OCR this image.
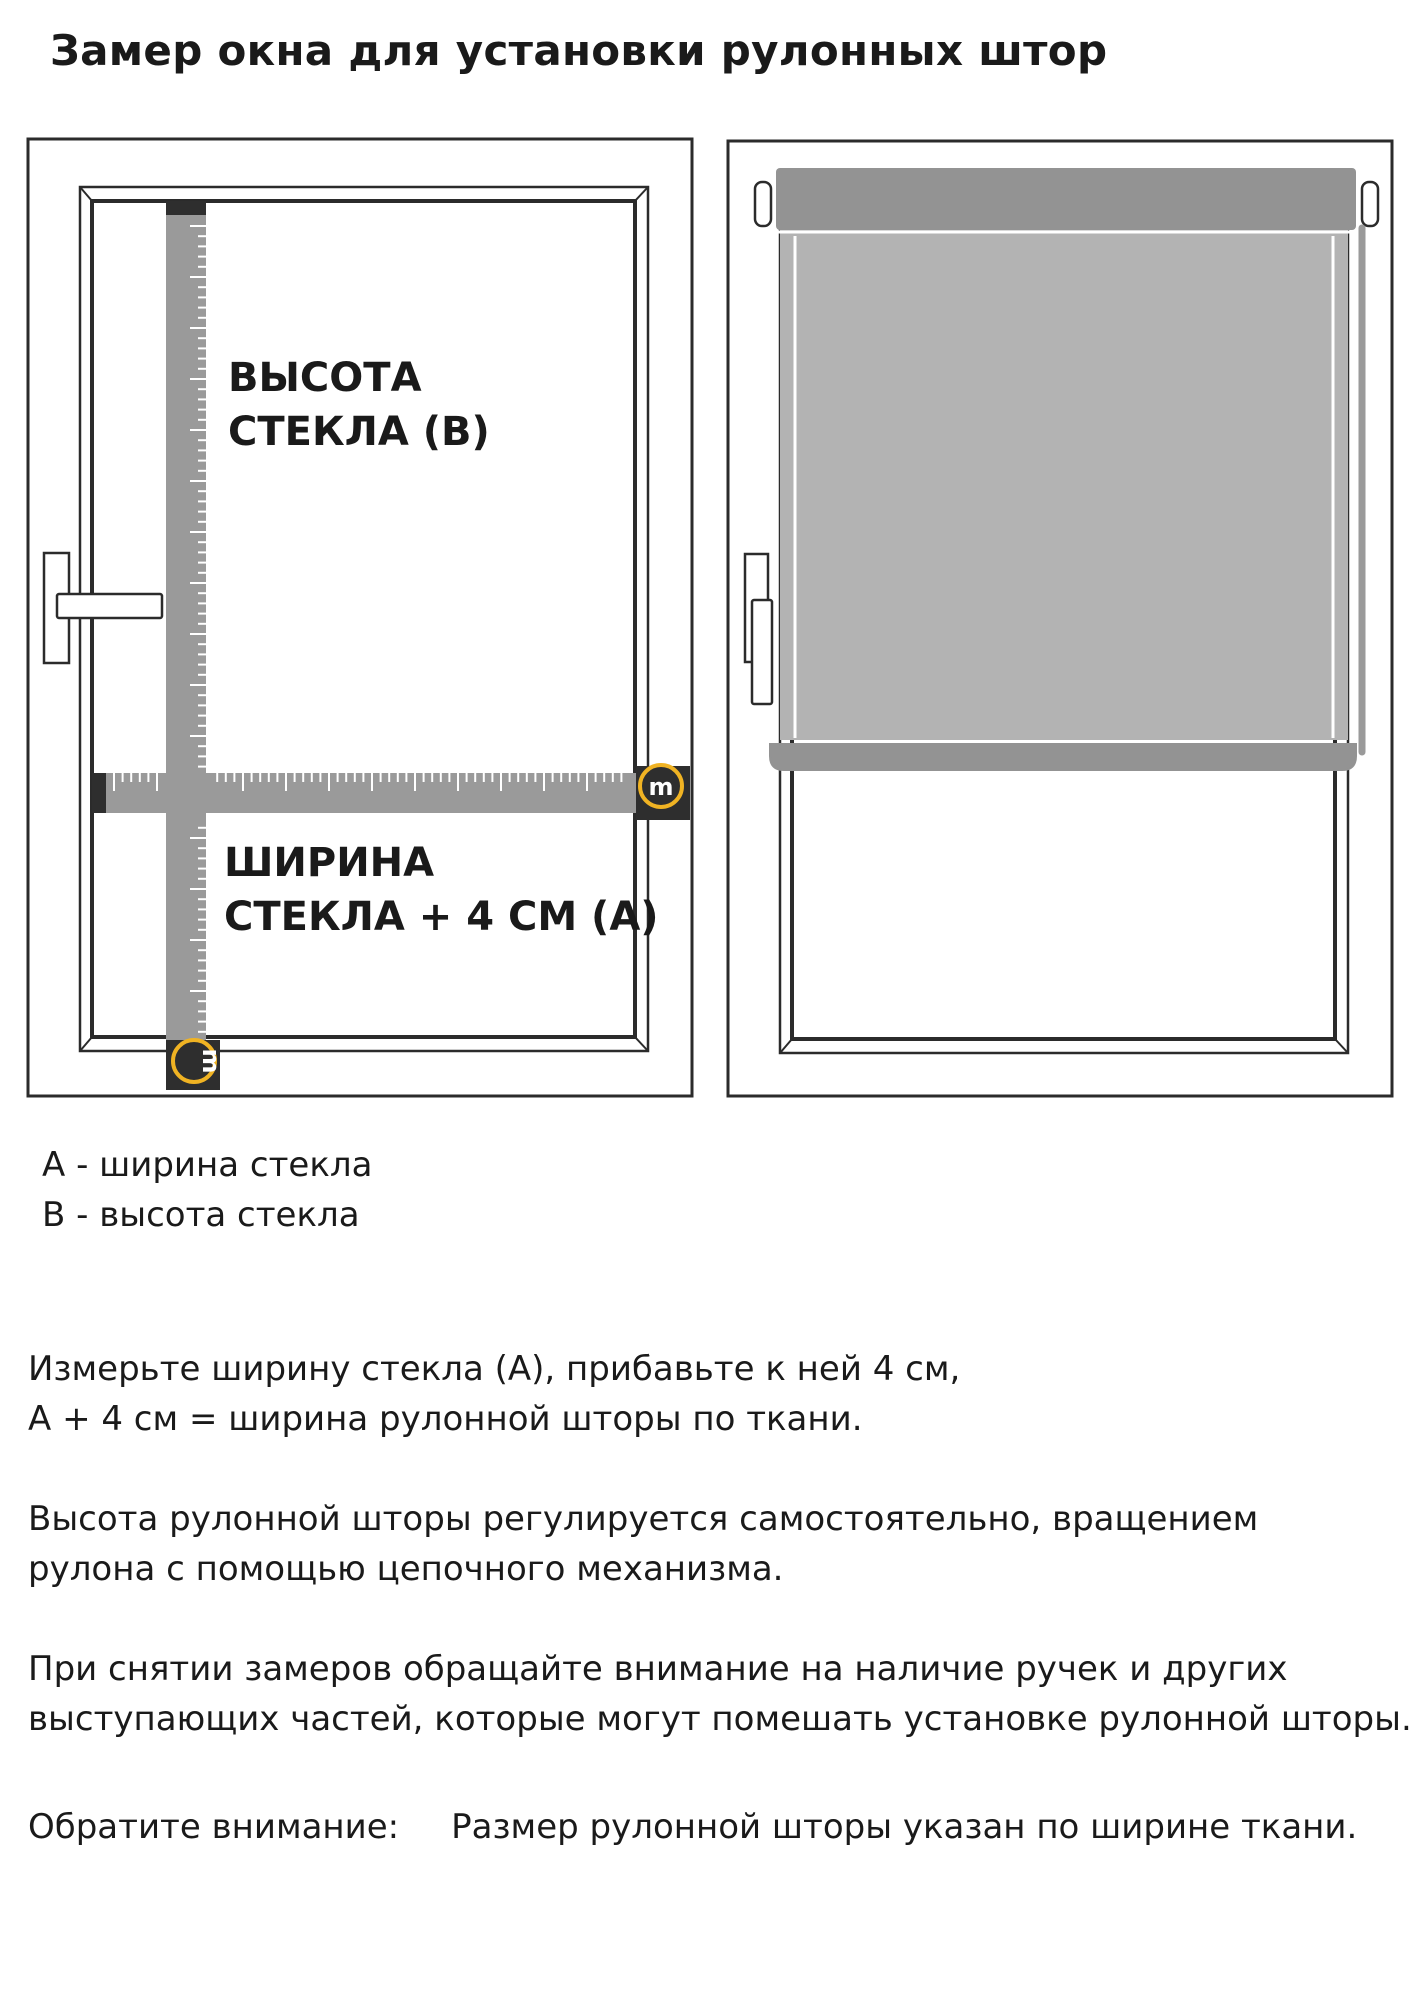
Замер окна для установки рулонных штор
m
m
ВЫСОТА
СТЕКЛА (B)
ШИРИНА
СТЕКЛА + 4 СМ (A)
A - ширина стекла
B - высота стекла

Измерьте ширину стекла (A), прибавьте к ней 4 см,
A + 4 см = ширина рулонной шторы по ткани.

Высота рулонной шторы регулируется самостоятельно, вращением
рулона с помощью цепочного механизма.

При снятии замеров обращайте внимание на наличие ручек и других
выступающих частей, которые могут помешать установке рулонной шторы.

Обратите внимание: Размер рулонной шторы указан по ширине ткани.
